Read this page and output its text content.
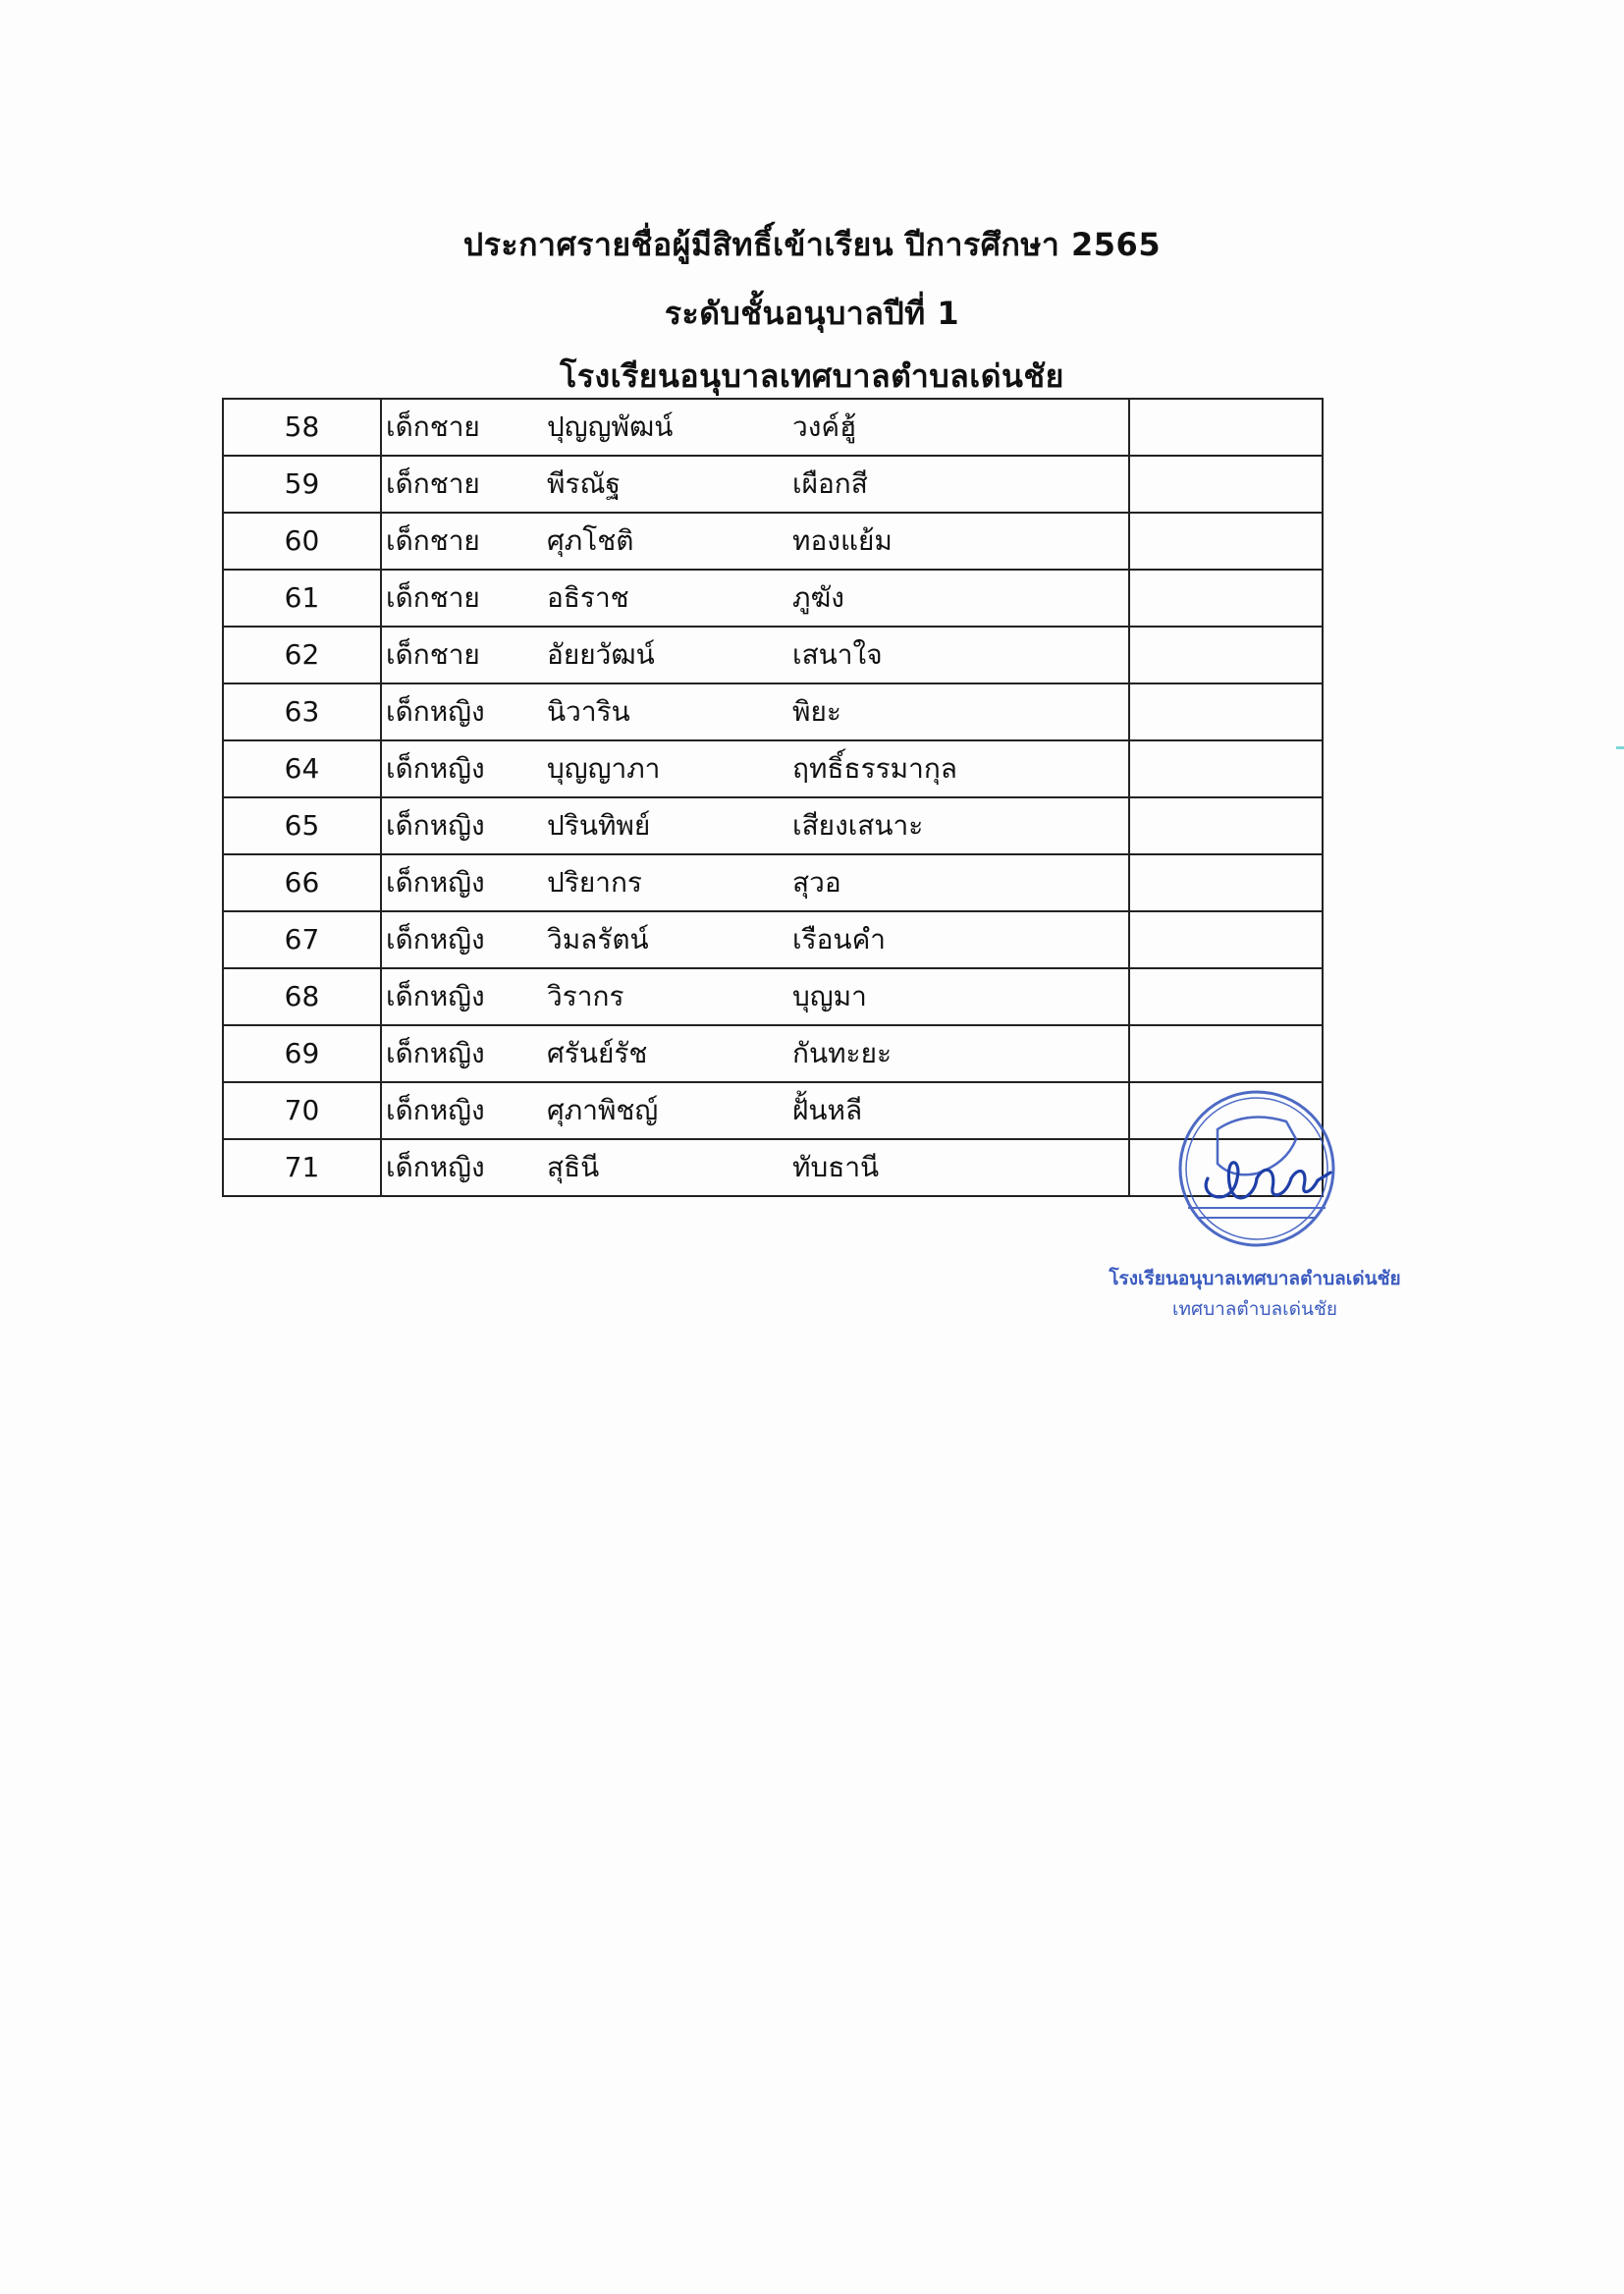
ประกาศรายชื่อผู้มีสิทธิ์เข้าเรียน ปีการศึกษา 2565
ระดับชั้นอนุบาลปีที่ 1
โรงเรียนอนุบาลเทศบาลตำบลเด่นชัย
58	เด็กชาย	ปุญญพัฒน์	วงค์ฮู้	
59	เด็กชาย	พีรณัฐ	เผือกสี	
60	เด็กชาย	ศุภโชติ	ทองแย้ม	
61	เด็กชาย	อธิราช	ภูฆัง	
62	เด็กชาย	อัยยวัฒน์	เสนาใจ	
63	เด็กหญิง	นิวาริน	พิยะ	
64	เด็กหญิง	บุญญาภา	ฤทธิ์ธรรมากุล	
65	เด็กหญิง	ปรินทิพย์	เสียงเสนาะ	
66	เด็กหญิง	ปริยากร	สุวอ	
67	เด็กหญิง	วิมลรัตน์	เรือนคำ	
68	เด็กหญิง	วิรากร	บุญมา	
69	เด็กหญิง	ศรันย์รัช	กันทะยะ	
70	เด็กหญิง	ศุภาพิชญ์	ฝั้นหลี	
71	เด็กหญิง	สุธินี	ทับธานี	
โรงเรียนอนุบาลเทศบาลตำบลเด่นชัย
เทศบาลตำบลเด่นชัย
